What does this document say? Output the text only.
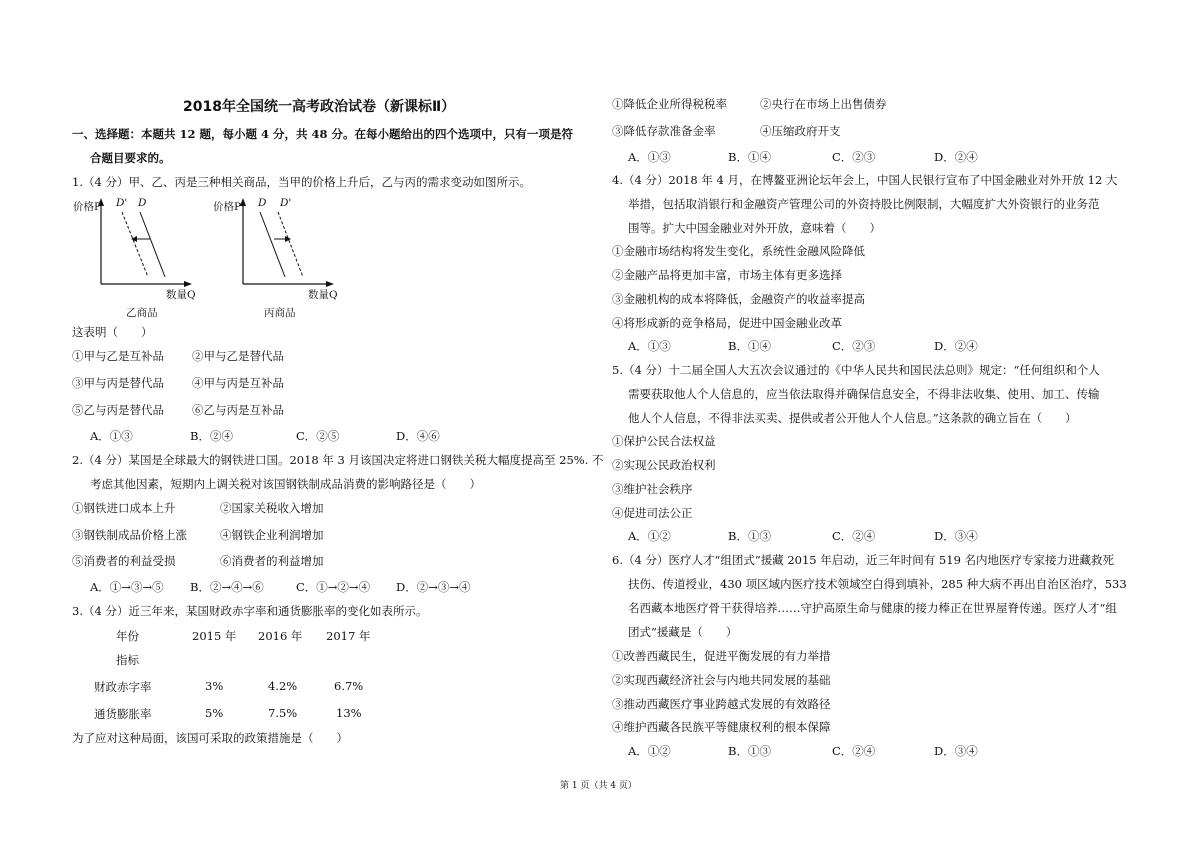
2018年全国统一高考政治试卷（新课标Ⅱ）
一、选择题：本题共 12 题，每小题 4 分，共 48 分。在每小题给出的四个选项中，只有一项是符
合题目要求的。
1.（4 分）甲、乙、丙是三种相关商品，当甲的价格上升后，乙与丙的需求变动如图所示。
价格P D' D
数量Q
乙商品
价格P D D'
数量Q
丙商品
这表明（　　）
①甲与乙是互补品 ②甲与乙是替代品
③甲与丙是替代品 ④甲与丙是互补品
⑤乙与丙是替代品 ⑥乙与丙是互补品
A．①③	B．②④	C．②⑤	D．④⑥
2.（4 分）某国是全球最大的钢铁进口国。2018 年 3 月该国决定将进口钢铁关税大幅度提高至 25%. 不
考虑其他因素，短期内上调关税对该国钢铁制成品消费的影响路径是（　　）
①钢铁进口成本上升	②国家关税收入增加
③钢铁制成品价格上涨	④钢铁企业利润增加
⑤消费者的利益受损	⑥消费者的利益增加
A．①→③→⑤ B．②→④→⑥	C．①→②→④ D．②→③→④
3.（4 分）近三年来，某国财政赤字率和通货膨胀率的变化如表所示。
年份
指标
2015 年 2016 年 2017 年
财政赤字率	3%	4.2%	6.7%
通货膨胀率	5%	7.5%	13%
为了应对这种局面，该国可采取的政策措施是（　　）
①降低企业所得税税率	②央行在市场上出售债券
③降低存款准备金率	④压缩政府开支
A．①③	B．①④	C．②③	D．②④
4.（4 分）2018 年 4 月，在博鳌亚洲论坛年会上，中国人民银行宣布了中国金融业对外开放 12 大
举措，包括取消银行和金融资产管理公司的外资持股比例限制，大幅度扩大外资银行的业务范
围等。扩大中国金融业对外开放，意味着（　　）
①金融市场结构将发生变化，系统性金融风险降低
②金融产品将更加丰富，市场主体有更多选择
③金融机构的成本将降低，金融资产的收益率提高
④将形成新的竞争格局，促进中国金融业改革
A．①③	B．①④	C．②③	D．②④
5.（4 分）十二届全国人大五次会议通过的《中华人民共和国民法总则》规定：“任何组织和个人
需要获取他人个人信息的，应当依法取得并确保信息安全，不得非法收集、使用、加工、传输
他人个人信息，不得非法买卖、提供或者公开他人个人信息。”这条款的确立旨在（　　）
①保护公民合法权益
②实现公民政治权利
③维护社会秩序
④促进司法公正
A．①②	B．①③	C．②④	D．③④
6.（4 分）医疗人才“组团式”援藏 2015 年启动，近三年时间有 519 名内地医疗专家接力进藏救死
扶伤、传道授业，430 项区域内医疗技术领域空白得到填补，285 种大病不再出自治区治疗，533
名西藏本地医疗骨干获得培养……守护高原生命与健康的接力棒正在世界屋脊传递。医疗人才“组
团式”援藏是（　　）
①改善西藏民生，促进平衡发展的有力举措
②实现西藏经济社会与内地共同发展的基础
③推动西藏医疗事业跨越式发展的有效路径
④维护西藏各民族平等健康权利的根本保障
A．①②	B．①③	C．②④	D．③④
第 1 页（共 4 页）
